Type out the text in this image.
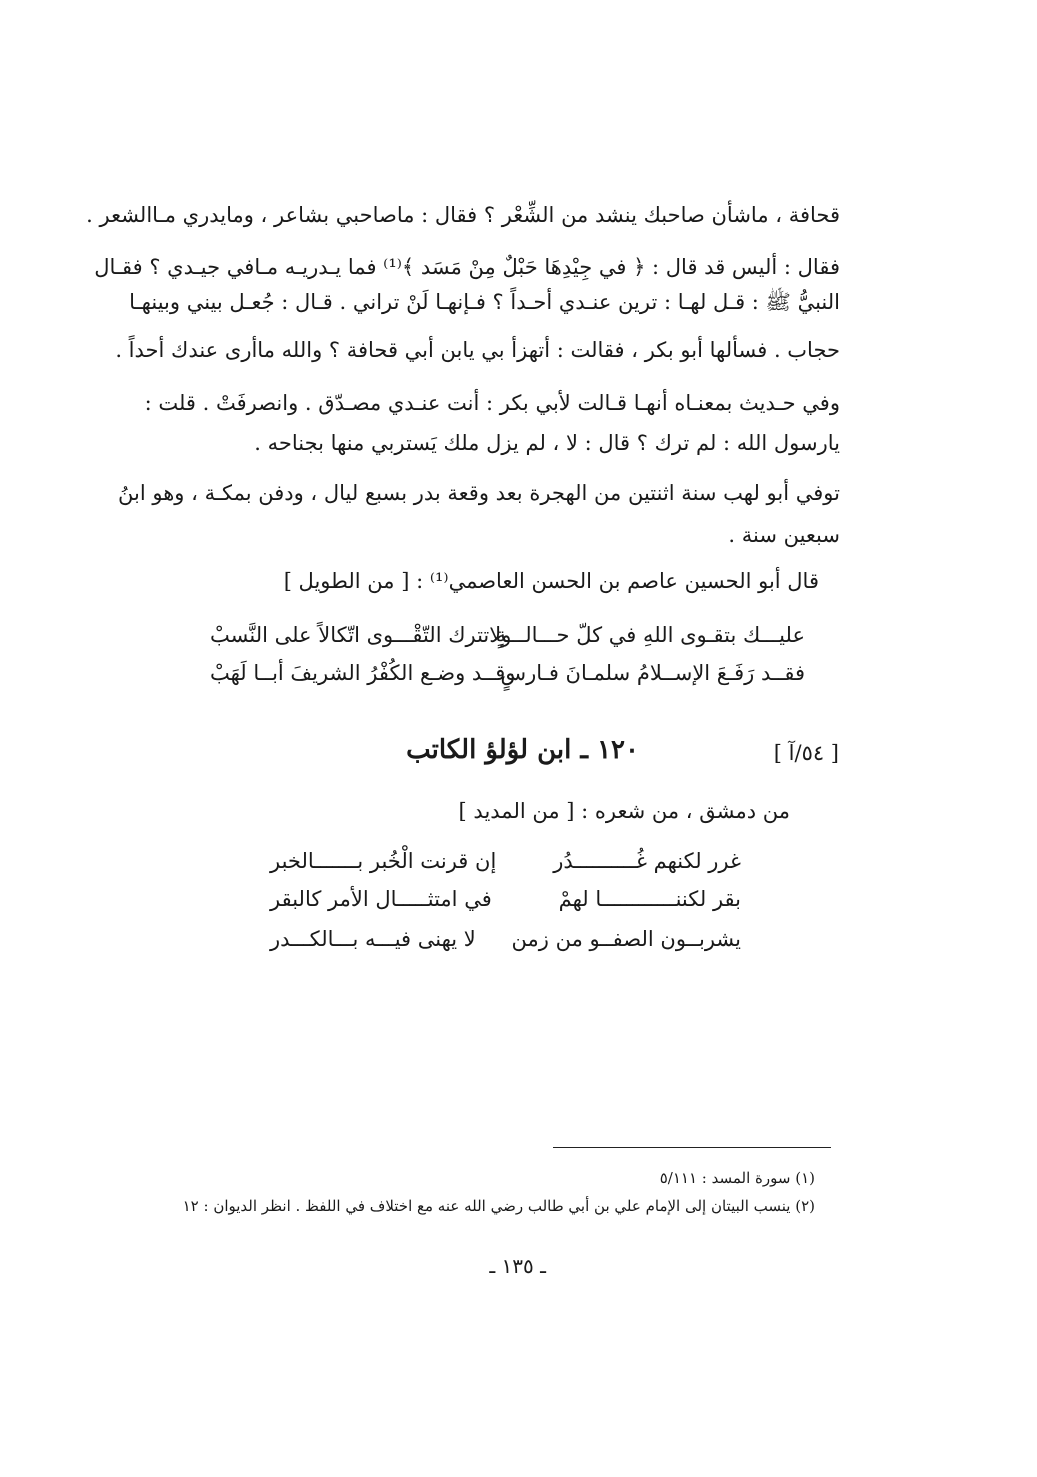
قحافة ، ماشأن صاحبك ينشد من الشِّعْر ؟ فقال : ماصاحبي بشاعر ، ومايدري مـاالشعر .
فقال : أليس قد قال : ﴿ في جِيْدِهَا حَبْلٌ مِنْ مَسَد ﴾⁽¹⁾ فما يـدريـه مـافي جيـدي ؟ فقـال
النبيُّ ﷺ : قـل لهـا : ترين عنـدي أحـداً ؟ فـإنهـا لَنْ تراني . قـال : جُعـل بيني وبينهـا
حجاب . فسألها أبو بكر ، فقالت : أتهزأ بي يابن أبي قحافة ؟ والله ماأرى عندك أحداً .
وفي حـديث بمعنـاه أنهـا قـالت لأبي بكر : أنت عنـدي مصـدّق . وانصرفَتْ . قلت :
يارسول الله : لم ترك ؟ قال : لا ، لم يزل ملك يَستربي منها بجناحه .
توفي أبو لهب سنة اثنتين من الهجرة بعد وقعة بدر بسبع ليال ، ودفن بمكـة ، وهو ابنُ
سبعين سنة .
قال أبو الحسين عاصم بن الحسن العاصمي⁽¹⁾ : [ من الطويل ]
عليـــك بتقـوى اللهِ في كلّ حـــالـــةٍ
ولاتترك التّقْـــوى اتّكالاً على النَّسبْ
فقــد رَفَـعَ الإســلامُ سلمـانَ فـارسٍ
وقــد وضـع الكُفْرُ الشريفَ أبــا لَهَبْ
١٢٠ ـ ابن لؤلؤ الكاتب	[ ٥٤/آ ]
من دمشق ، من شعره : [ من المديد ]
غرر لكنهم غُــــــــــدُر
إن قرنت الْخُبر بـــــــالخبر
بقر لكننــــــــــــا لهمْ
في امتثـــــال الأمر كالبقر
يشربــون الصفــو من زمن
لا يهنى فيـــه بـــالكـــدر
(١) سورة المسد : ٥/١١١
(٢) ينسب البيتان إلى الإمام علي بن أبي طالب رضي الله عنه مع اختلاف في اللفظ . انظر الديوان : ١٢
ـ ١٣٥ ـ
